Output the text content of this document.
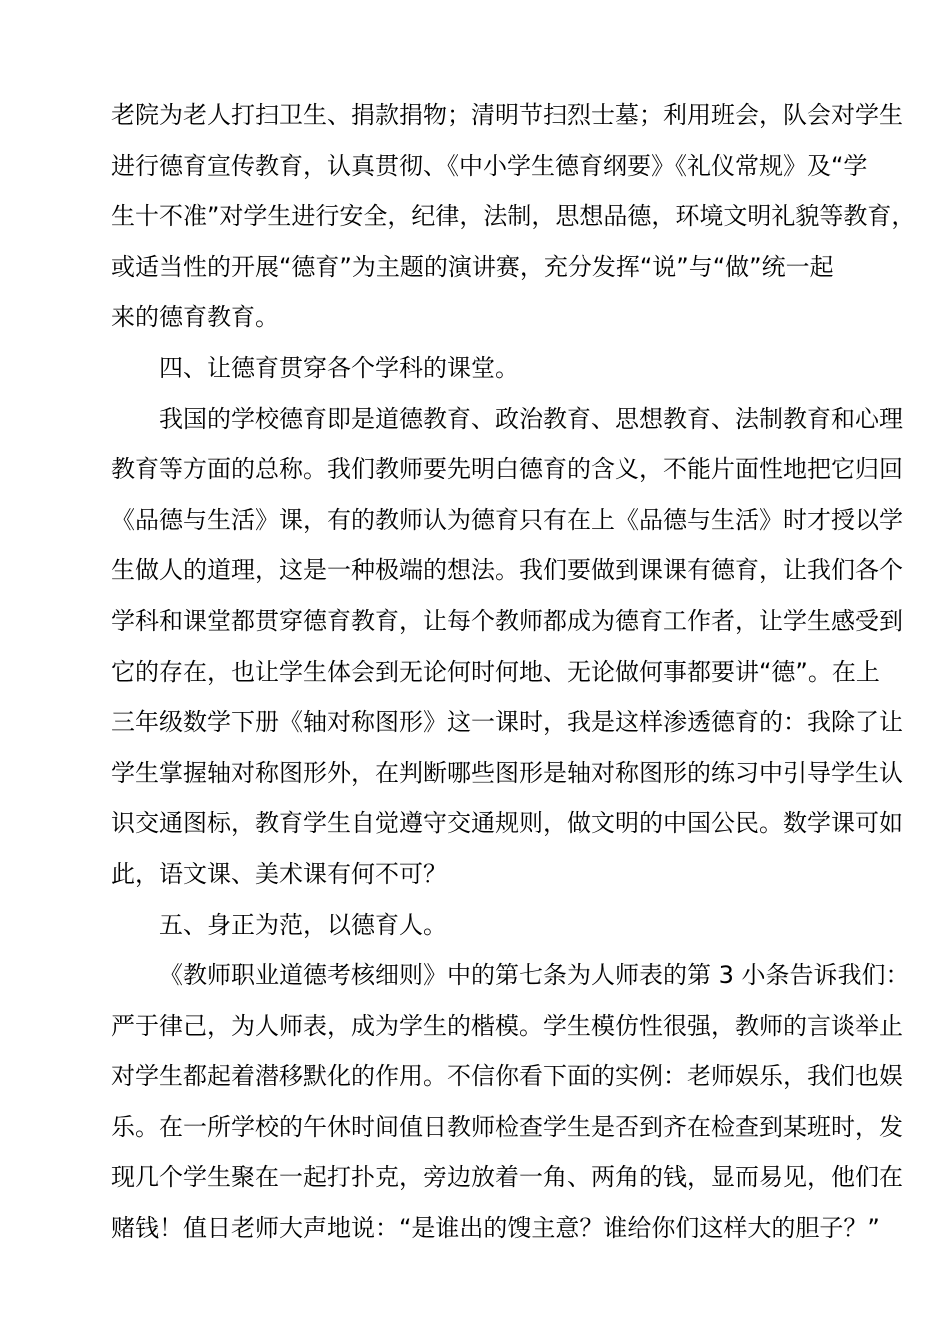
老院为老人打扫卫生、捐款捐物；清明节扫烈士墓；利用班会，队会对学生
进行德育宣传教育，认真贯彻、《中小学生德育纲要》《礼仪常规》及“学
生十不准”对学生进行安全，纪律，法制，思想品德，环境文明礼貌等教育，
或适当性的开展“德育”为主题的演讲赛，充分发挥“说”与“做”统一起
来的德育教育。
四、让德育贯穿各个学科的课堂。
我国的学校德育即是道德教育、政治教育、思想教育、法制教育和心理
教育等方面的总称。我们教师要先明白德育的含义，不能片面性地把它归回
《品德与生活》课，有的教师认为德育只有在上《品德与生活》时才授以学
生做人的道理，这是一种极端的想法。我们要做到课课有德育，让我们各个
学科和课堂都贯穿德育教育，让每个教师都成为德育工作者，让学生感受到
它的存在，也让学生体会到无论何时何地、无论做何事都要讲“德”。在上
三年级数学下册《轴对称图形》这一课时，我是这样渗透德育的：我除了让
学生掌握轴对称图形外，在判断哪些图形是轴对称图形的练习中引导学生认
识交通图标，教育学生自觉遵守交通规则，做文明的中国公民。数学课可如
此，语文课、美术课有何不可？
五、身正为范，以德育人。
《教师职业道德考核细则》中的第七条为人师表的第 3 小条告诉我们：
严于律己，为人师表，成为学生的楷模。学生模仿性很强，教师的言谈举止
对学生都起着潜移默化的作用。不信你看下面的实例：老师娱乐，我们也娱
乐。在一所学校的午休时间值日教师检查学生是否到齐在检查到某班时，发
现几个学生聚在一起打扑克，旁边放着一角、两角的钱，显而易见，他们在
赌钱！值日老师大声地说：“是谁出的馊主意？谁给你们这样大的胆子？”
